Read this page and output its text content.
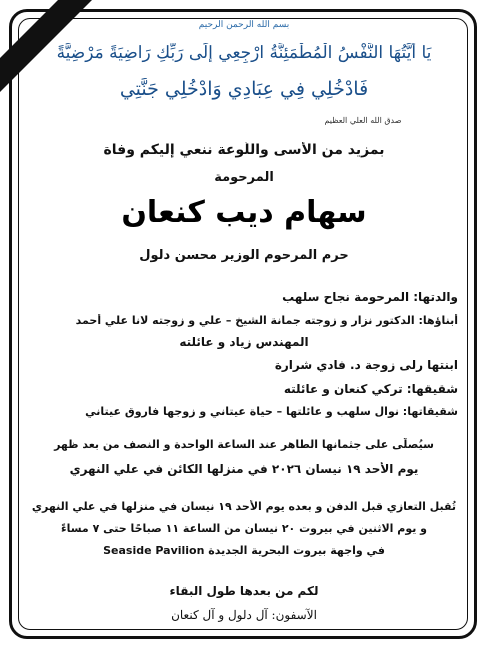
بسم الله الرحمن الرحيم
يَا أَيَّتُهَا النَّفْسُ الْمُطْمَئِنَّةُ ارْجِعِي إِلَى رَبِّكِ رَاضِيَةً مَرْضِيَّةً
فَادْخُلِي فِي عِبَادِي وَادْخُلِي جَنَّتِي
صدق الله العلي العظيم
بمزيد من الأسى واللّوعة ننعي إليكم وفاة
المرحومة
سهام ديب كنعان
حرم المرحوم الوزير محسن دلول
والدتها: المرحومة نجاح سلهب
أبناؤها: الدكتور نزار و زوجته جمانة الشيخ – علي و زوجته لانا علي أحمد
المهندس زياد و عائلته
ابنتها رلى زوجة د. فادي شرارة
شقيقها: تركي كنعان و عائلته
شقيقاتها: نوال سلهب و عائلتها – حياة عيتاني و زوجها فاروق عيتاني
سيُصلّى على جثمانها الطاهر عند الساعة الواحدة و النصف من بعد ظهر
يوم الأحد ١٩ نيسان ٢٠٢٦ في منزلها الكائن في علي النهري
تُقبل التعازي قبل الدفن و بعده يوم الأحد ١٩ نيسان في منزلها في علي النهري
و يوم الاثنين في بيروت ٢٠ نيسان من الساعة ١١ صباحًا حتى ٧ مساءً
في واجهة بيروت البحرية الجديدة Seaside Pavilion
لكم من بعدها طول البقاء
الآسفون: آل دلول و آل كنعان
